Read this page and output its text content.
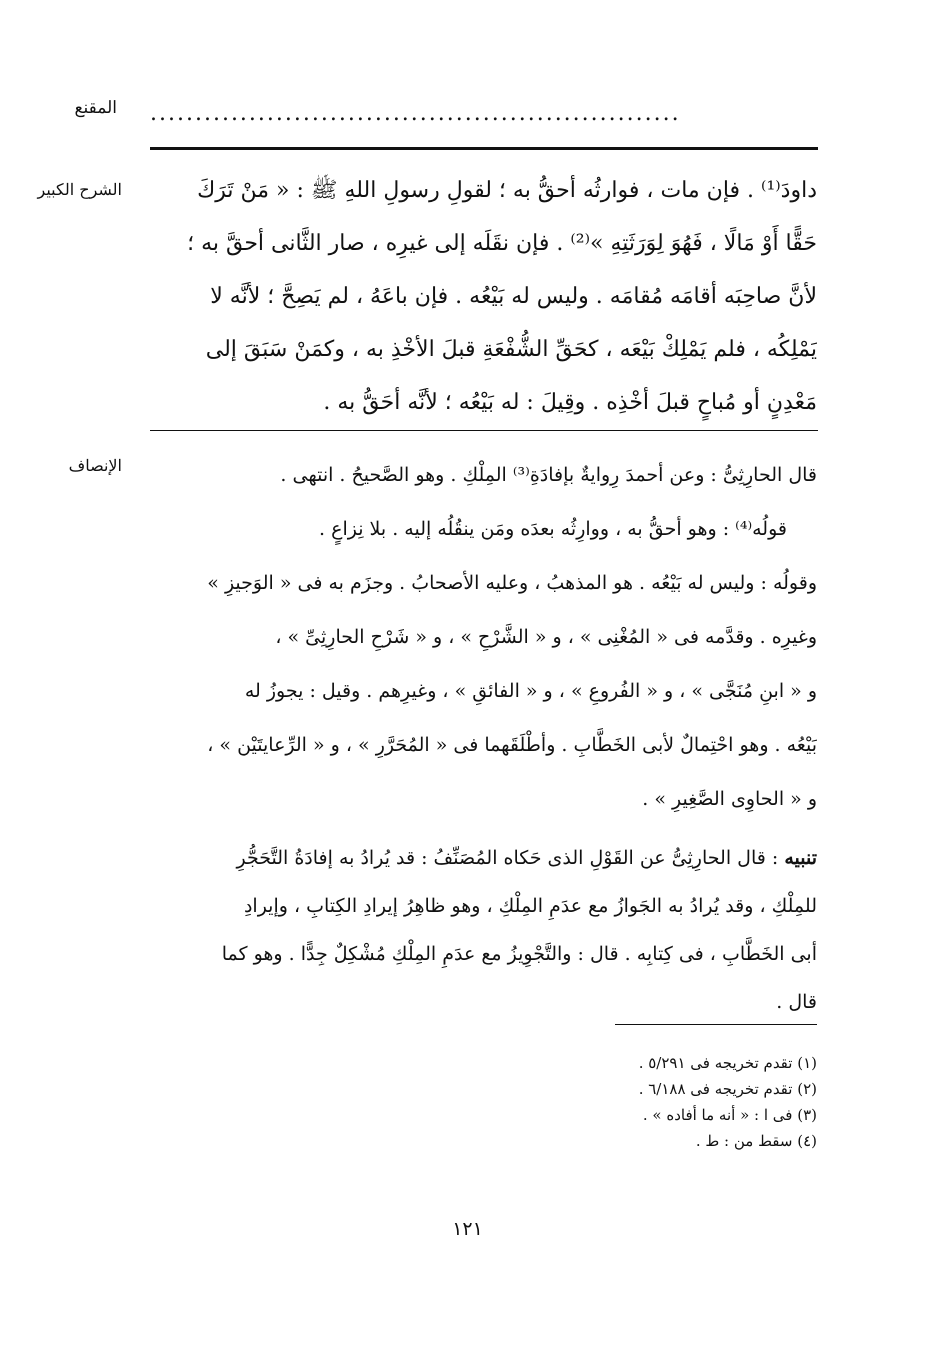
المقنع ...........................................................
الشرح الكبير	داودَ⁽¹⁾ . فإن مات ، فوارثُه أحقُّ به ؛ لقولِ رسولِ اللهِ ﷺ : « مَنْ تَرَكَ

حَقًّا أَوْ مَالًا ، فَهُوَ لِوَرَثَتِهِ »⁽²⁾ . فإن نقَلَه إلى غيرِه ، صار الثَّانى أحقَّ به ؛

لأنَّ صاحِبَه أقامَه مُقامَه . وليس له بَيْعُه . فإن باعَهُ ، لم يَصِحَّ ؛ لأنَّه لا

يَمْلِكُه ، فلم يَمْلِكْ بَيْعَه ، كحَقِّ الشُّفْعَةِ قبلَ الأخْذِ به ، وكمَنْ سَبَقَ إلى

مَعْدِنٍ أو مُباحٍ قبلَ أخْذِه . وقِيلَ : له بَيْعُه ؛ لأنَّه أحَقُّ به .

الإنصاف	قال الحارِثِىُّ : وعن أحمدَ رِوايةٌ بإفادَةِ⁽³⁾ المِلْكِ . وهو الصَّحيحُ . انتهى .

قولُه⁽⁴⁾ : وهو أحقُّ به ، ووارِثُه بعدَه ومَن ينقُلُه إليه . بلا نِزاعٍ .

وقولُه : وليس له بَيْعُه . هو المذهبُ ، وعليه الأصحابُ . وجزَم به فى « الوَجيزِ »

وغيرِه . وقدَّمه فى « المُغْنِى » ، و « الشَّرْحِ » ، و « شَرْحِ الحارِثِىِّ » ،

و « ابنِ مُنَجَّى » ، و « الفُروعِ » ، و « الفائقِ » ، وغيرِهم . وقيل : يجوزُ له

بَيْعُه . وهو احْتِمالٌ لأبى الخَطَّابِ . وأطْلَقَهما فى « المُحَرَّرِ » ، و « الرِّعايتَيْن » ،

و « الحاوِى الصَّغِيرِ » .

تنبيه : قال الحارِثِىُّ عن القَوْلِ الذى حَكاه المُصَنِّفُ : قد يُرادُ به إفادَةُ التَّحَجُّرِ

للمِلْكِ ، وقد يُرادُ به الجَوازُ مع عدَمِ المِلْكِ ، وهو ظاهِرُ إيرادِ الكِتابِ ، وإيرادِ

أبى الخَطَّابِ ، فى كِتابِه . قال : والتَّجْوِيزُ مع عدَمِ المِلْكِ مُشْكِلٌ جِدًّا . وهو كما

قال .

(١) تقدم تخريجه فى ٥/٢٩١ .

(٢) تقدم تخريجه فى ٦/١٨٨ .

(٣) فى ا : « أنه ما أفاده » .

(٤) سقط من : ط .

١٢١
